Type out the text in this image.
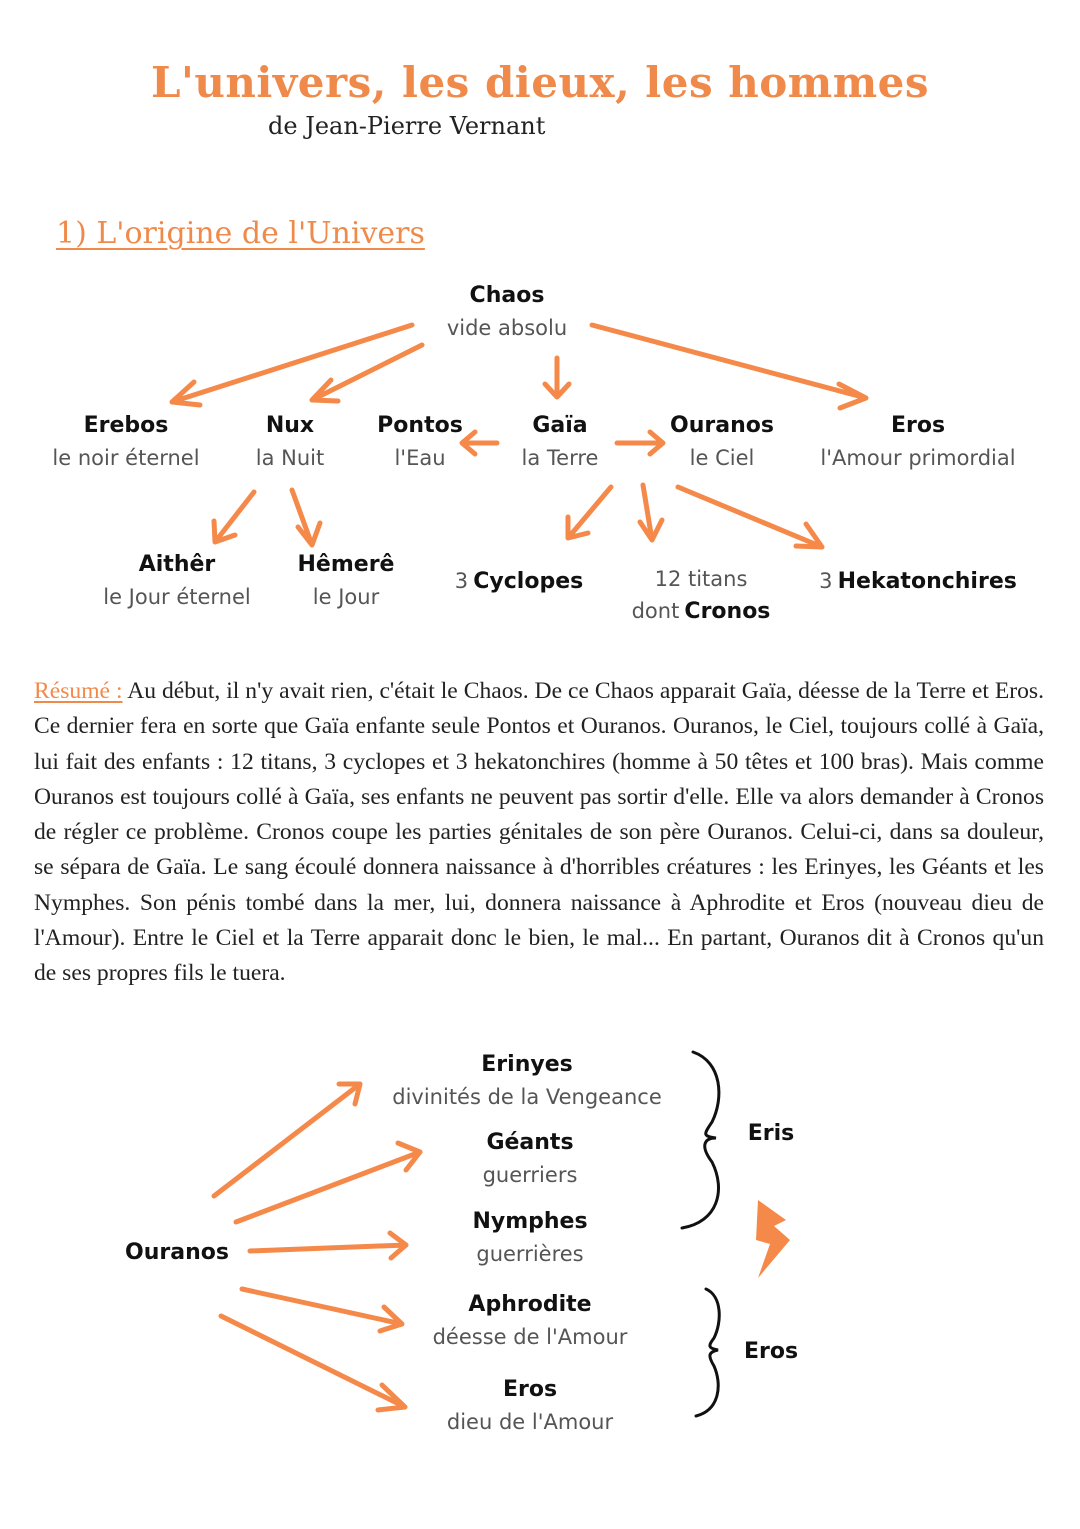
L'univers, les dieux, les hommes
de Jean-Pierre Vernant
1) L'origine de l'Univers
Chaos
vide absolu
Erebos
le noir éternel
Nux
la Nuit
Pontos
l'Eau
Gaïa
la Terre
Ouranos
le Ciel
Eros
l'Amour primordial
Aithêr
le Jour éternel
Hêmerê
le Jour
3 Cyclopes	12 titans
dont Cronos
3 Hekatonchires
Résumé : Au début, il n'y avait rien, c'était le Chaos. De ce Chaos apparait Gaïa, déesse de la Terre et Eros. Ce dernier fera en sorte que Gaïa enfante seule Pontos et Ouranos. Ouranos, le Ciel, toujours collé à Gaïa, lui fait des enfants : 12 titans, 3 cyclopes et 3 hekatonchires (homme à 50 têtes et 100 bras). Mais comme Ouranos est toujours collé à Gaïa, ses enfants ne peuvent pas sortir d'elle. Elle va alors demander à Cronos de régler ce problème. Cronos coupe les parties génitales de son père Ouranos. Celui-ci, dans sa douleur, se sépara de Gaïa. Le sang écoulé donnera naissance à d'horribles créatures : les Erinyes, les Géants et les Nymphes. Son pénis tombé dans la mer, lui, donnera naissance à Aphrodite et Eros (nouveau dieu de l'Amour). Entre le Ciel et la Terre apparait donc le bien, le mal... En partant, Ouranos dit à Cronos qu'un de ses propres fils le tuera.
Ouranos
Erinyes
divinités de la Vengeance
Géants
guerriers
Nymphes
guerrières
Aphrodite
déesse de l'Amour
Eros
dieu de l'Amour
Eris
Eros
